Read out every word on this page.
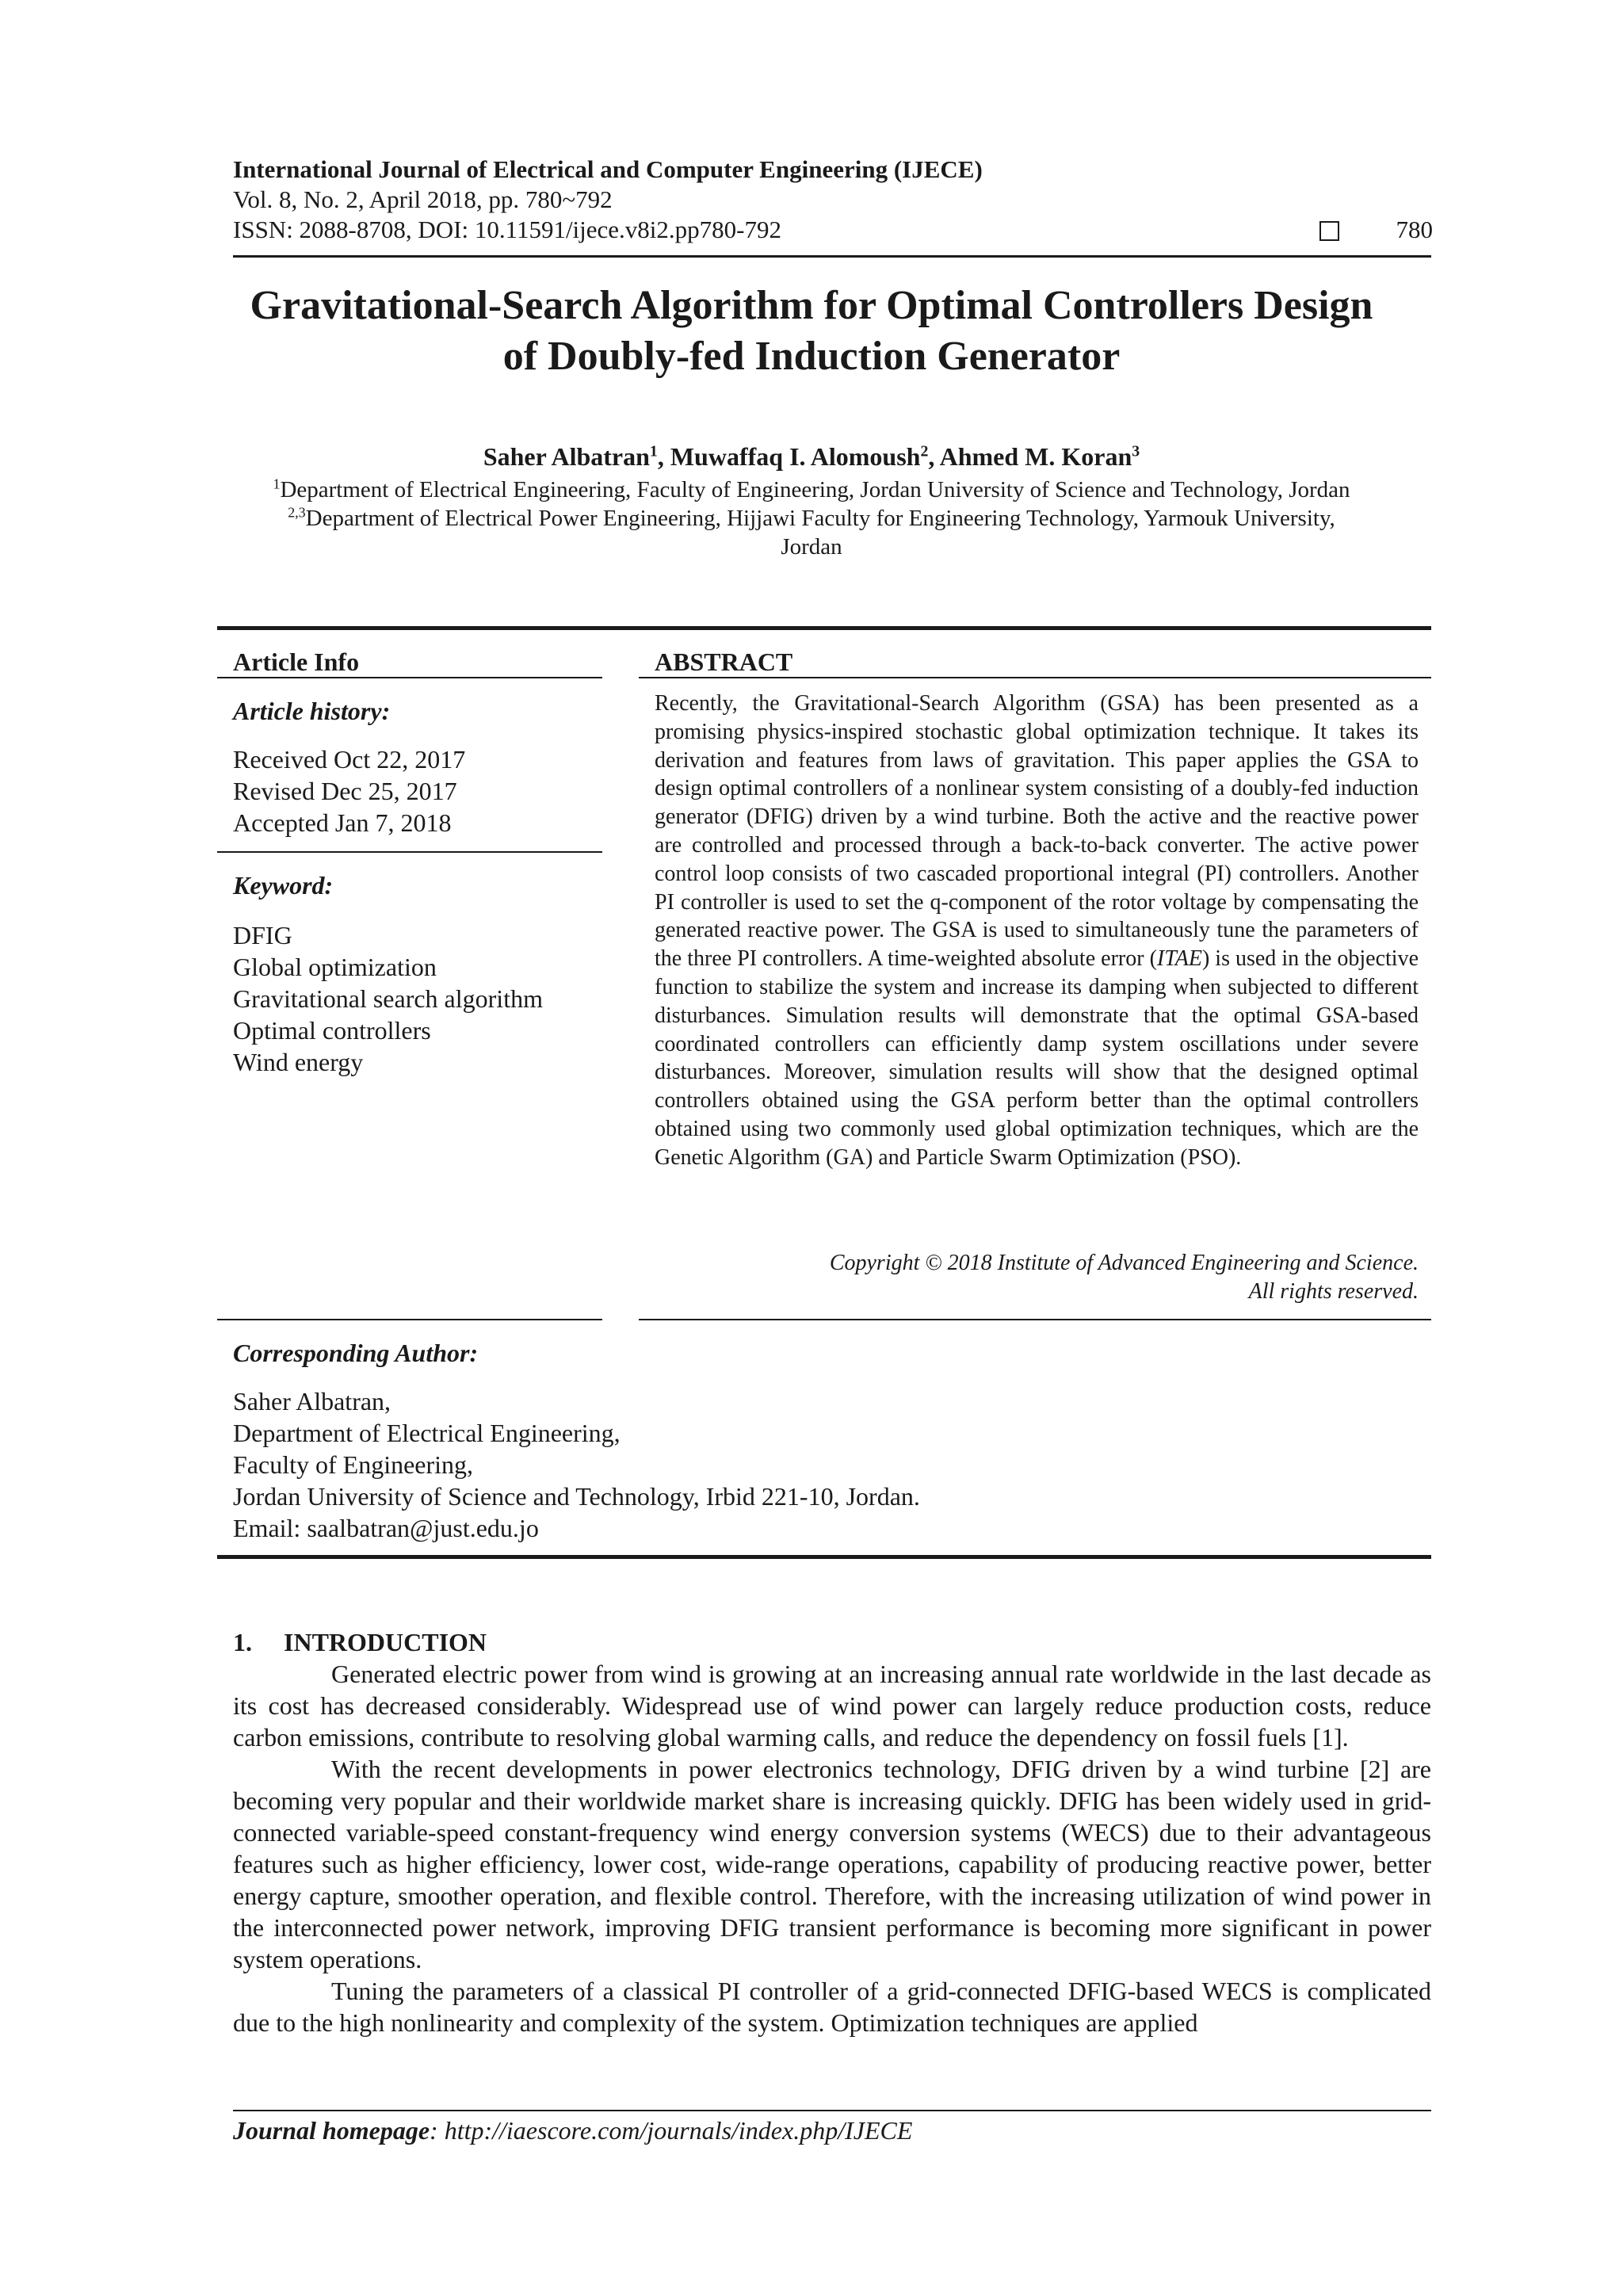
International Journal of Electrical and Computer Engineering (IJECE)
Vol. 8, No. 2, April 2018, pp. 780~792
ISSN: 2088-8708, DOI: 10.11591/ijece.v8i2.pp780-792	780
Gravitational-Search Algorithm for Optimal Controllers Design
of Doubly-fed Induction Generator
Saher Albatran$^1$, Muwaffaq I. Alomoush$^2$, Ahmed M. Koran$^3$
$^1$Department of Electrical Engineering, Faculty of Engineering, Jordan University of Science and Technology, Jordan
$^{2,3}$Department of Electrical Power Engineering, Hijjawi Faculty for Engineering Technology, Yarmouk University,
Jordan
Article Info
Article history:
Received Oct 22, 2017
Revised Dec 25, 2017
Accepted Jan 7, 2018
Keyword:
DFIG
Global optimization
Gravitational search algorithm
Optimal controllers
Wind energy
ABSTRACT

Recently, the Gravitational-Search Algorithm (GSA) has been presented as a promising physics-inspired stochastic global optimization technique. It takes its derivation and features from laws of gravitation. This paper applies the GSA to design optimal controllers of a nonlinear system consisting of a doubly-fed induction generator (DFIG) driven by a wind turbine. Both the active and the reactive power are controlled and processed through a back-to-back converter. The active power control loop consists of two cascaded proportional integral (PI) controllers. Another PI controller is used to set the q-component of the rotor voltage by compensating the generated reactive power. The GSA is used to simultaneously tune the parameters of the three PI controllers. A time-weighted absolute error (ITAE) is used in the objective function to stabilize the system and increase its damping when subjected to different disturbances. Simulation results will demonstrate that the optimal GSA-based coordinated controllers can efficiently damp system oscillations under severe disturbances. Moreover, simulation results will show that the designed optimal controllers obtained using the GSA perform better than the optimal controllers obtained using two commonly used global optimization techniques, which are the Genetic Algorithm (GA) and Particle Swarm Optimization (PSO).

Copyright © 2018 Institute of Advanced Engineering and Science.
All rights reserved.
Corresponding Author:
Saher Albatran,
Department of Electrical Engineering,
Faculty of Engineering,
Jordan University of Science and Technology, Irbid 221-10, Jordan.
Email: saalbatran@just.edu.jo
1.     INTRODUCTION

Generated electric power from wind is growing at an increasing annual rate worldwide in the last decade as its cost has decreased considerably. Widespread use of wind power can largely reduce production costs, reduce carbon emissions, contribute to resolving global warming calls, and reduce the dependency on fossil fuels [1].

With the recent developments in power electronics technology, DFIG driven by a wind turbine [2] are becoming very popular and their worldwide market share is increasing quickly. DFIG has been widely used in grid-connected variable-speed constant-frequency wind energy conversion systems (WECS) due to their advantageous features such as higher efficiency, lower cost, wide-range operations, capability of producing reactive power, better energy capture, smoother operation, and flexible control. Therefore, with the increasing utilization of wind power in the interconnected power network, improving DFIG transient performance is becoming more significant in power system operations.

Tuning the parameters of a classical PI controller of a grid-connected DFIG-based WECS is complicated due to the high nonlinearity and complexity of the system. Optimization techniques are applied

Journal homepage: http://iaescore.com/journals/index.php/IJECE
